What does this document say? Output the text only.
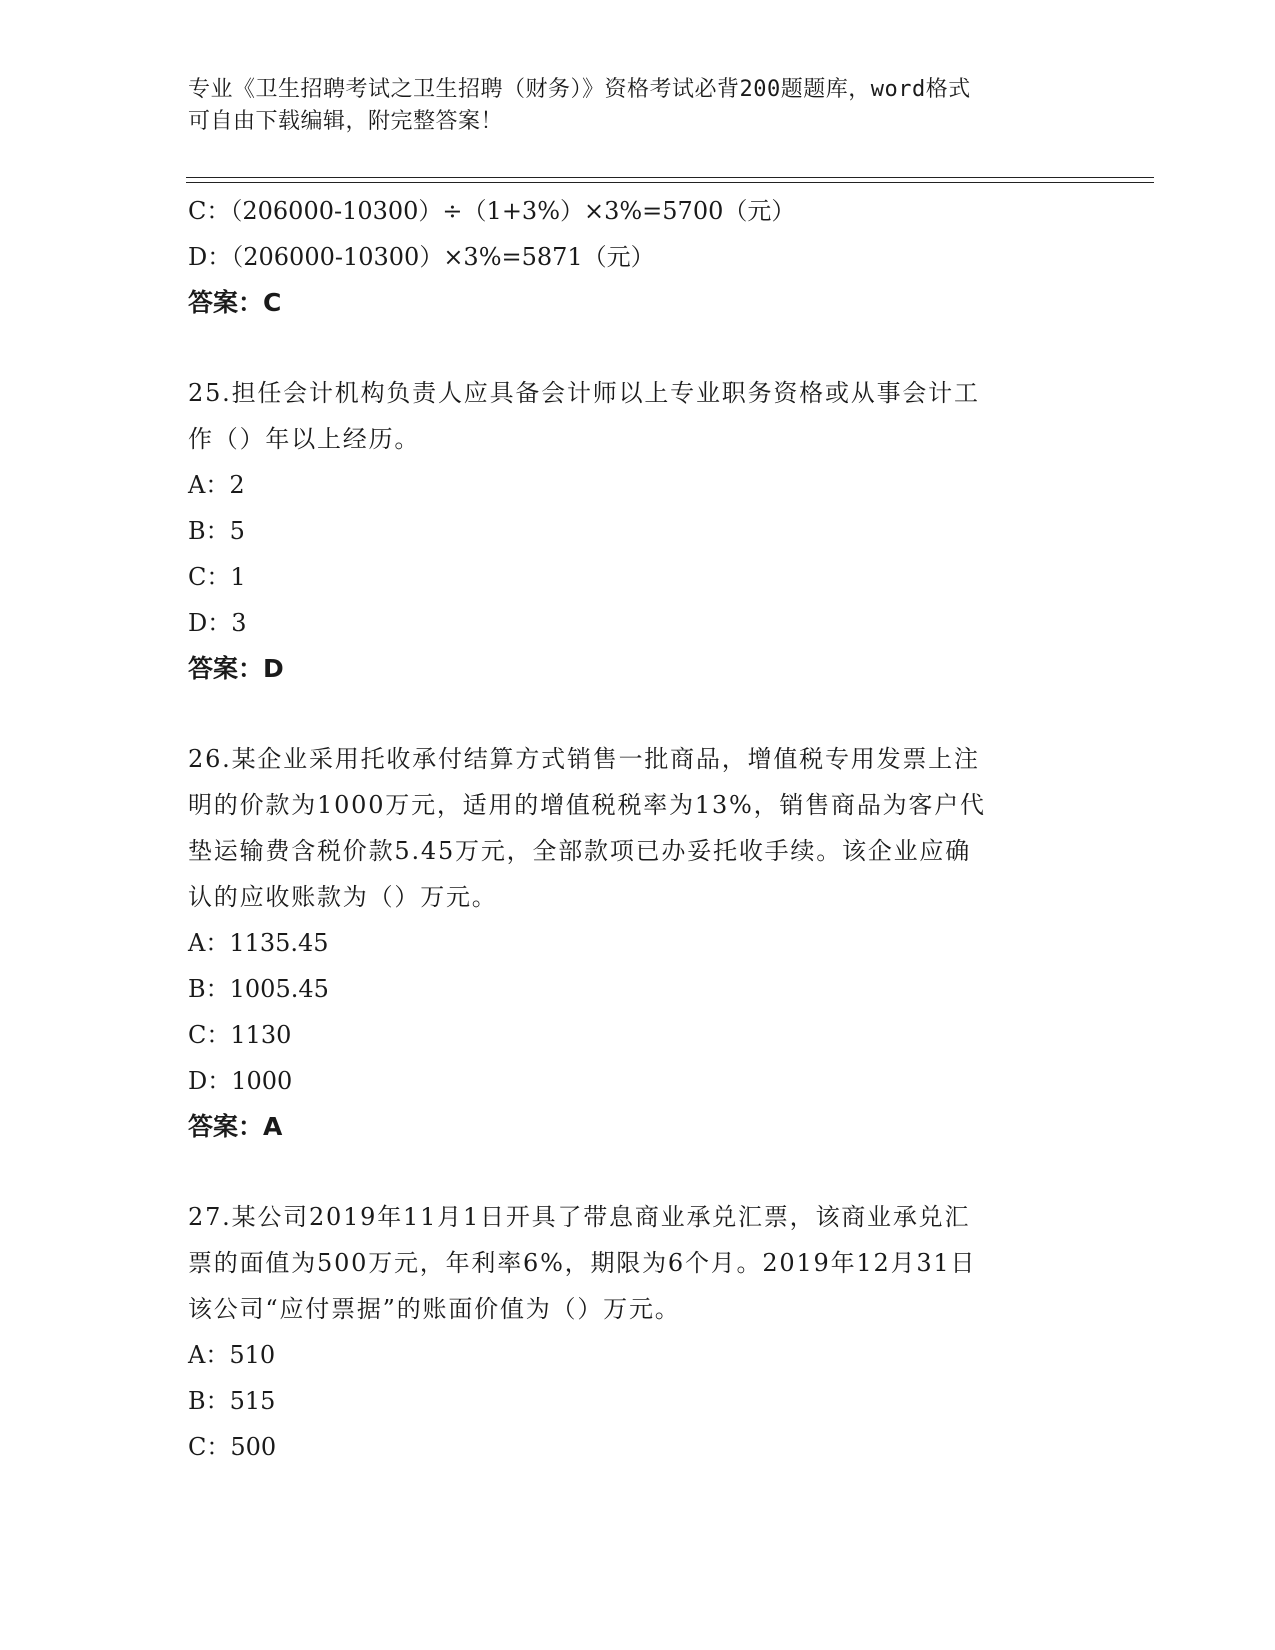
专业《卫生招聘考试之卫生招聘（财务）》资格考试必背200题题库，word格式
可自由下载编辑，附完整答案！
C：（206000-10300）÷（1+3%）×3%=5700（元）
D：（206000-10300）×3%=5871（元）
答案：C
25.担任会计机构负责人应具备会计师以上专业职务资格或从事会计工
作（）年以上经历。
A：2
B：5
C：1
D：3
答案：D
26.某企业采用托收承付结算方式销售一批商品，增值税专用发票上注
明的价款为1000万元，适用的增值税税率为13%，销售商品为客户代
垫运输费含税价款5.45万元，全部款项已办妥托收手续。该企业应确
认的应收账款为（）万元。
A：1135.45
B：1005.45
C：1130
D：1000
答案：A
27.某公司2019年11月1日开具了带息商业承兑汇票，该商业承兑汇
票的面值为500万元，年利率6%，期限为6个月。2019年12月31日
该公司“应付票据”的账面价值为（）万元。
A：510
B：515
C：500
